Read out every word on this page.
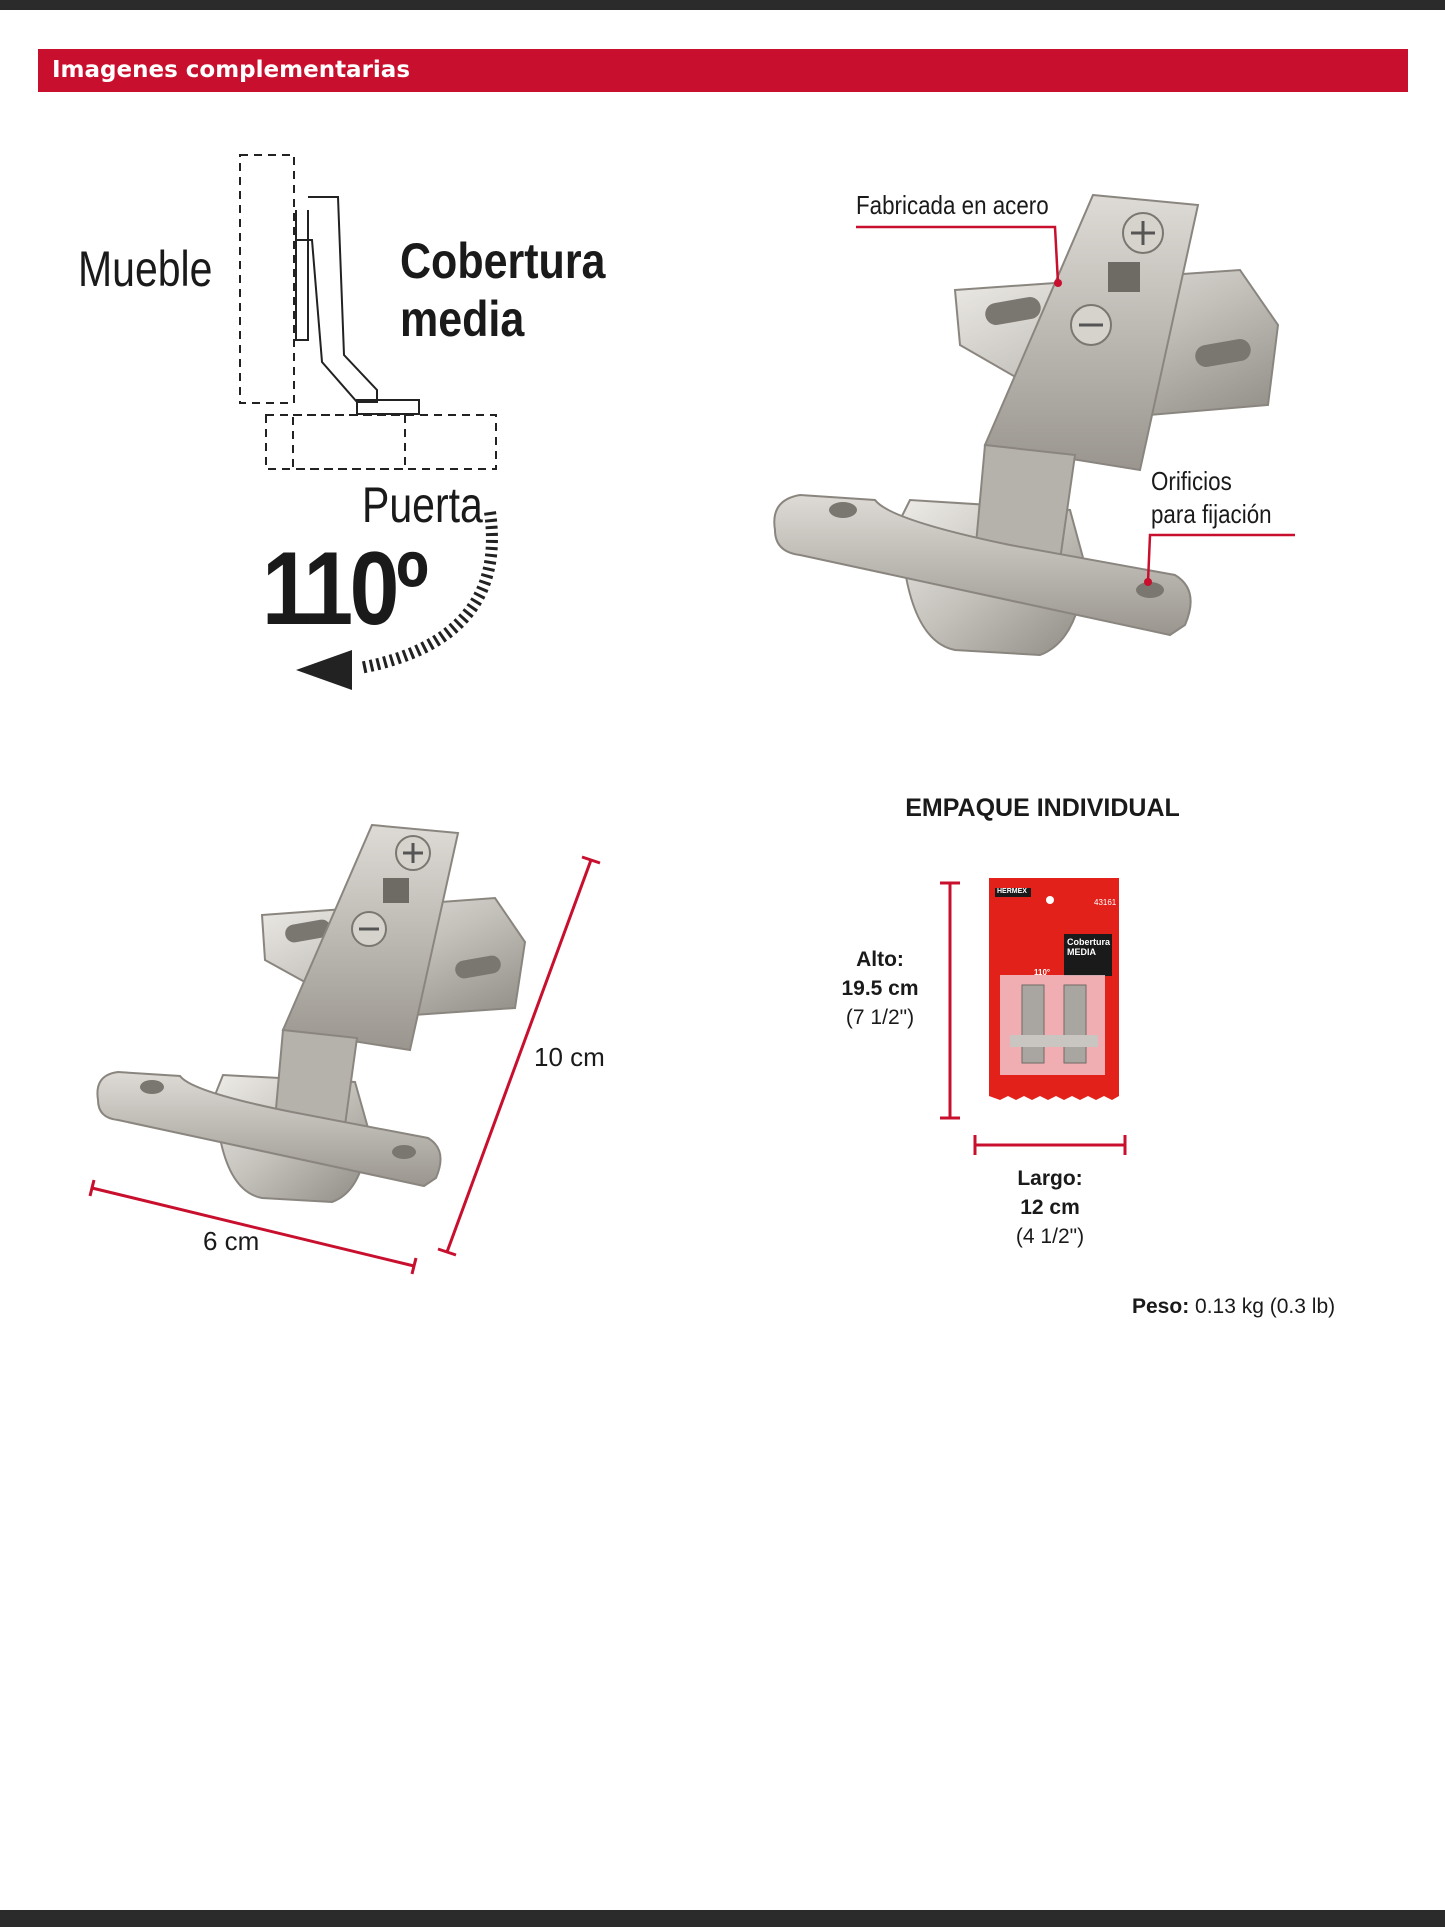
Imagenes complementarias
Mueble	Cobertura
media
Puerta
110º
Fabricada en acero
Orificios
para fijación
10 cm
6 cm
EMPAQUE INDIVIDUAL
HERMEX
43161
Cobertura
MEDIA
110°
Alto:
19.5 cm
(7 1/2")
Largo:
12 cm
(4 1/2")
Peso: 0.13 kg (0.3 lb)
